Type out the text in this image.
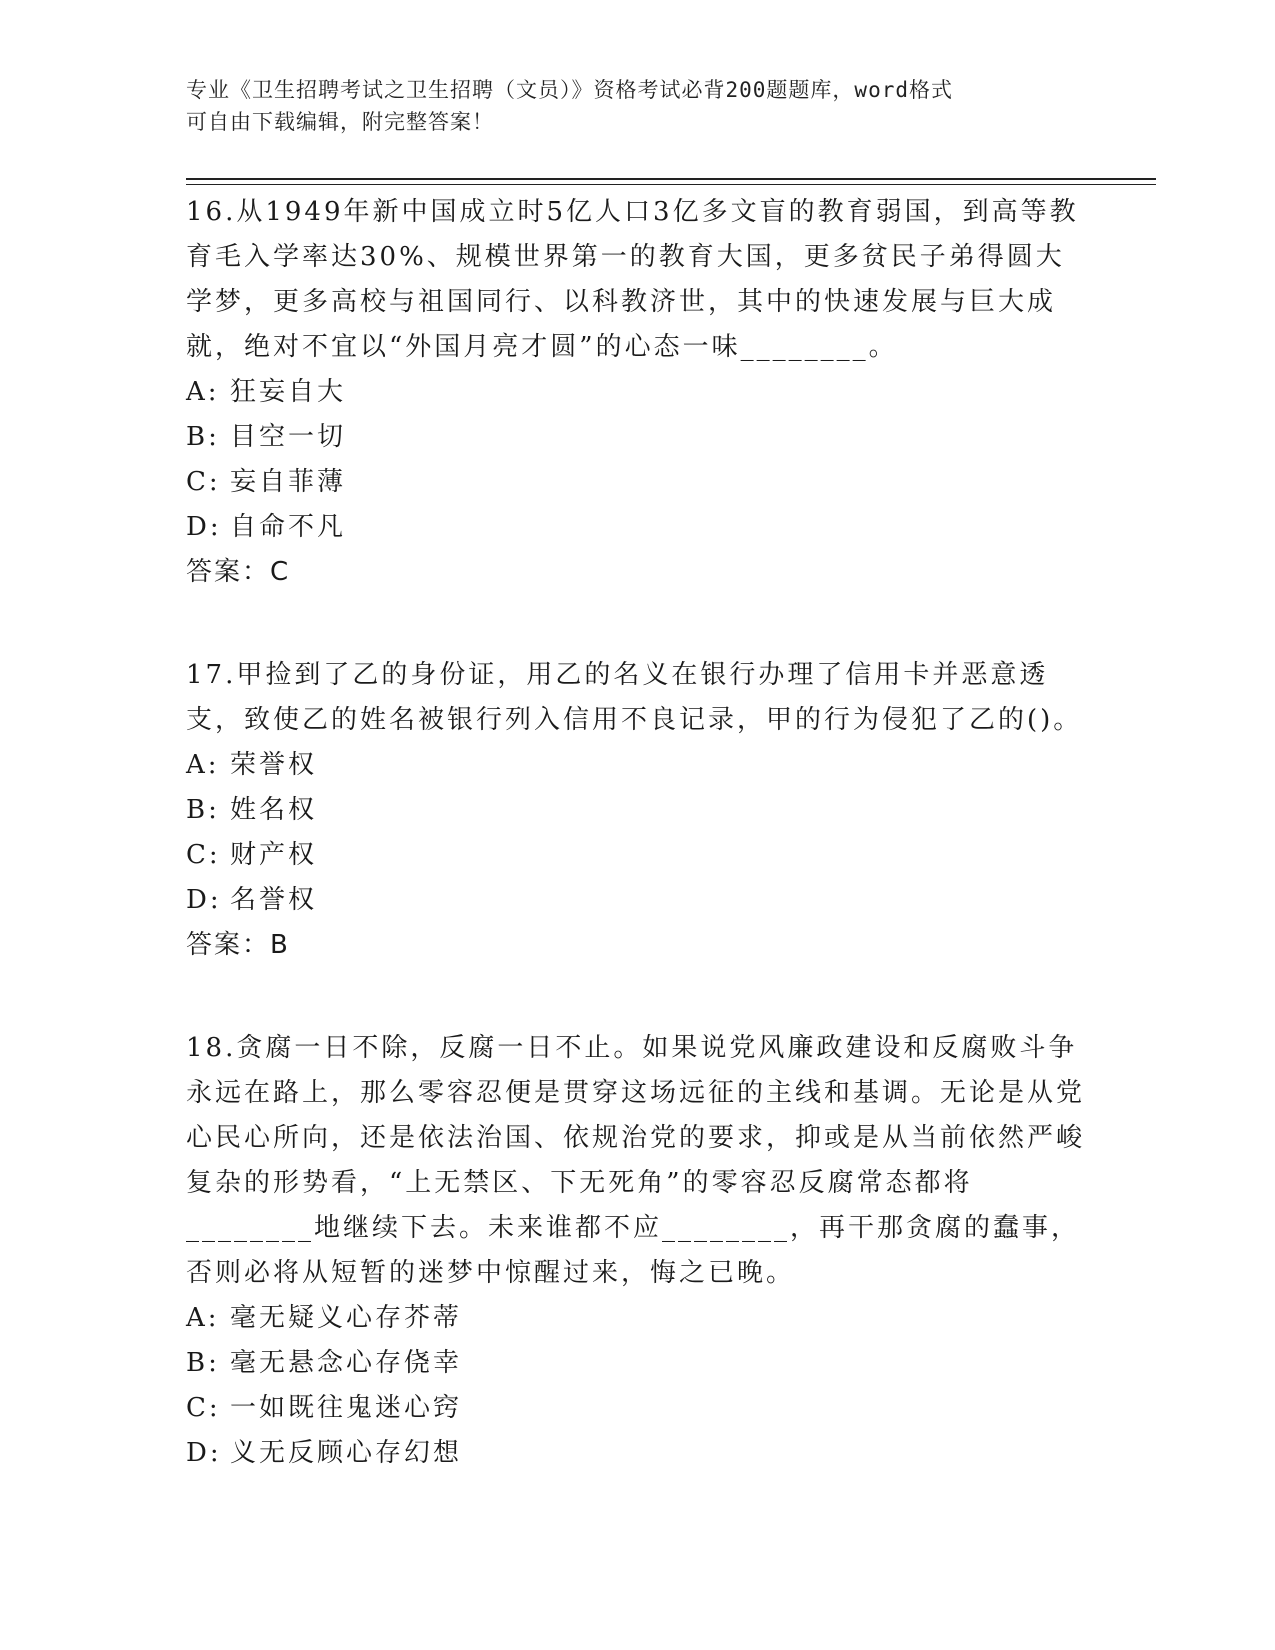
专业《卫生招聘考试之卫生招聘（文员）》资格考试必背200题题库，word格式
可自由下载编辑，附完整答案！

16.从1949年新中国成立时5亿人口3亿多文盲的教育弱国，到高等教育毛入学率达30%、规模世界第一的教育大国，更多贫民子弟得圆大学梦，更多高校与祖国同行、以科教济世，其中的快速发展与巨大成就，绝对不宜以“外国月亮才圆”的心态一味________。

A: 狂妄自大

B: 目空一切

C: 妄自菲薄

D: 自命不凡

答案：C

17.甲捡到了乙的身份证，用乙的名义在银行办理了信用卡并恶意透支，致使乙的姓名被银行列入信用不良记录，甲的行为侵犯了乙的()。

A: 荣誉权

B: 姓名权

C: 财产权

D: 名誉权

答案：B

18.贪腐一日不除，反腐一日不止。如果说党风廉政建设和反腐败斗争永远在路上，那么零容忍便是贯穿这场远征的主线和基调。无论是从党心民心所向，还是依法治国、依规治党的要求，抑或是从当前依然严峻复杂的形势看，“上无禁区、下无死角”的零容忍反腐常态都将________地继续下去。未来谁都不应________，再干那贪腐的蠢事，否则必将从短暂的迷梦中惊醒过来，悔之已晚。

A: 毫无疑义心存芥蒂

B: 毫无悬念心存侥幸

C: 一如既往鬼迷心窍

D: 义无反顾心存幻想
